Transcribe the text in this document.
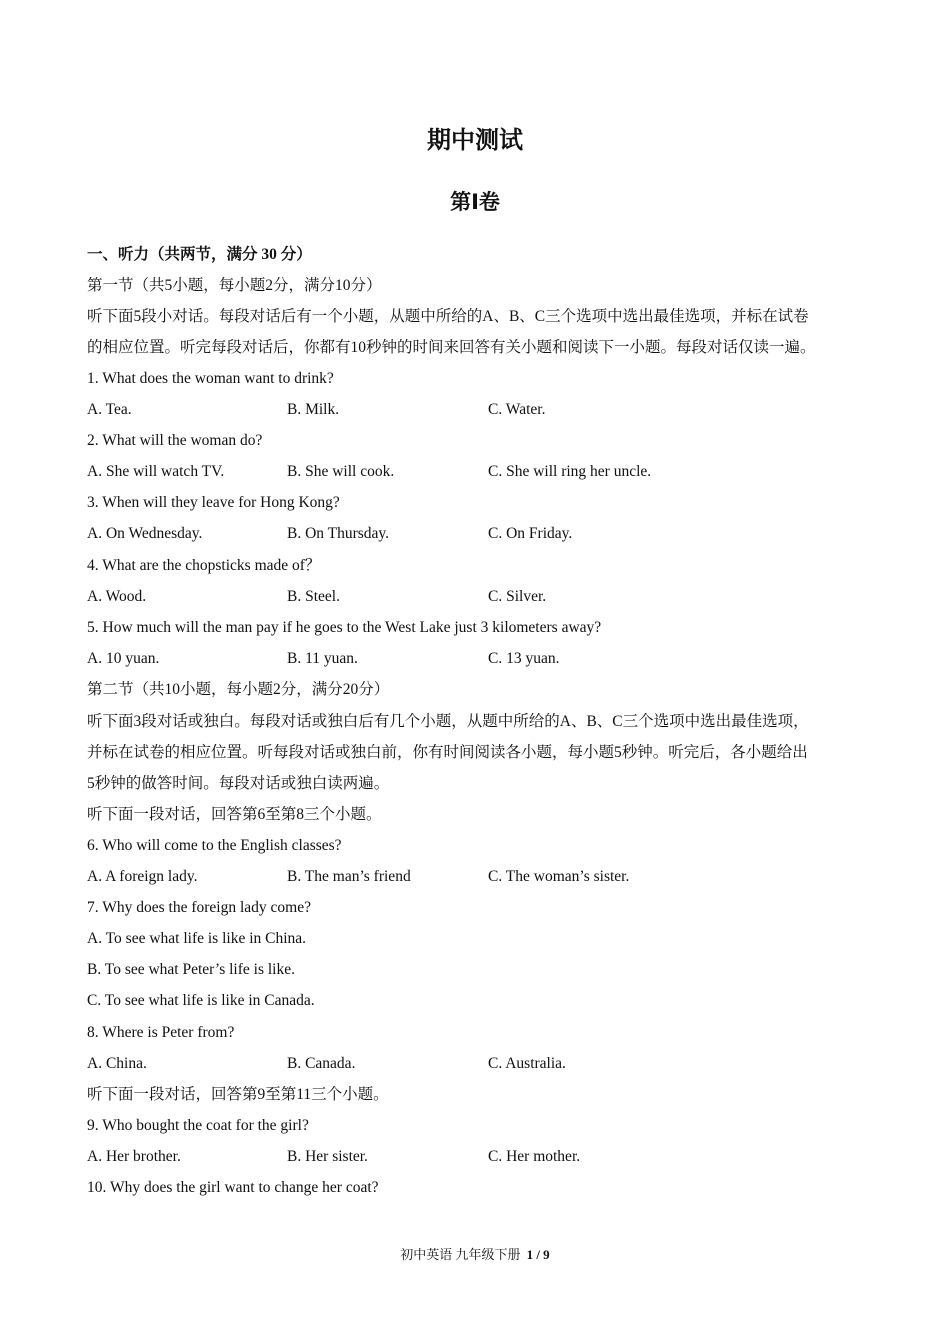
期中测试
第Ⅰ卷
一、听力（共两节，满分 30 分）
第一节（共5小题，每小题2分，满分10分）
听下面5段小对话。每段对话后有一个小题，从题中所给的A、B、C三个选项中选出最佳选项，并标在试卷
的相应位置。听完每段对话后，你都有10秒钟的时间来回答有关小题和阅读下一小题。每段对话仅读一遍。
1. What does the woman want to drink?
A. Tea.	B. Milk.	C. Water.
2. What will the woman do?
A. She will watch TV.	B. She will cook.	C. She will ring her uncle.
3. When will they leave for Hong Kong?
A. On Wednesday.	B. On Thursday.	C. On Friday.
4. What are the chopsticks made of？
A. Wood.	B. Steel.	C. Silver.
5. How much will the man pay if he goes to the West Lake just 3 kilometers away?
A. 10 yuan.	B. 11 yuan.	C. 13 yuan.
第二节（共10小题，每小题2分，满分20分）
听下面3段对话或独白。每段对话或独白后有几个小题，从题中所给的A、B、C三个选项中选出最佳选项，
并标在试卷的相应位置。听每段对话或独白前，你有时间阅读各小题，每小题5秒钟。听完后，各小题给出
5秒钟的做答时间。每段对话或独白读两遍。
听下面一段对话，回答第6至第8三个小题。
6. Who will come to the English classes?
A. A foreign lady.	B. The man’s friend	C. The woman’s sister.
7. Why does the foreign lady come?
A. To see what life is like in China.
B. To see what Peter’s life is like.
C. To see what life is like in Canada.
8. Where is Peter from?
A. China.	B. Canada.	C. Australia.
听下面一段对话，回答第9至第11三个小题。
9. Who bought the coat for the girl?
A. Her brother.	B. Her sister.	C. Her mother.
10. Why does the girl want to change her coat?
初中英语 九年级下册 1 / 9
